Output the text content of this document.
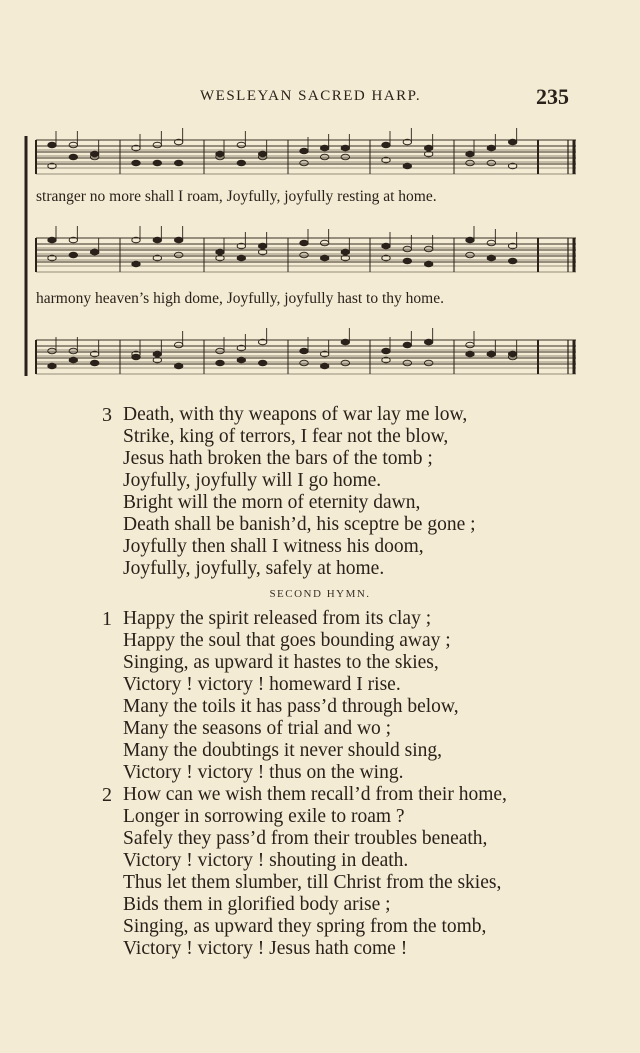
WESLEYAN SACRED HARP.	235
stranger no more shall I roam, Joyfully, joyfully resting at home.
harmony heaven’s high dome, Joyfully, joyfully hast to thy home.
3 Death, with thy weapons of war lay me low,
Strike, king of terrors, I fear not the blow,
Jesus hath broken the bars of the tomb ;
Joyfully, joyfully will I go home.
Bright will the morn of eternity dawn,
Death shall be banish’d, his sceptre be gone ;
Joyfully then shall I witness his doom,
Joyfully, joyfully, safely at home.
SECOND HYMN.
1 Happy the spirit released from its clay ;
Happy the soul that goes bounding away ;
Singing, as upward it hastes to the skies,
Victory ! victory ! homeward I rise.
Many the toils it has pass’d through below,
Many the seasons of trial and wo ;
Many the doubtings it never should sing,
Victory ! victory ! thus on the wing.
2 How can we wish them recall’d from their home,
Longer in sorrowing exile to roam ?
Safely they pass’d from their troubles beneath,
Victory ! victory ! shouting in death.
Thus let them slumber, till Christ from the skies,
Bids them in glorified body arise ;
Singing, as upward they spring from the tomb,
Victory ! victory ! Jesus hath come !
